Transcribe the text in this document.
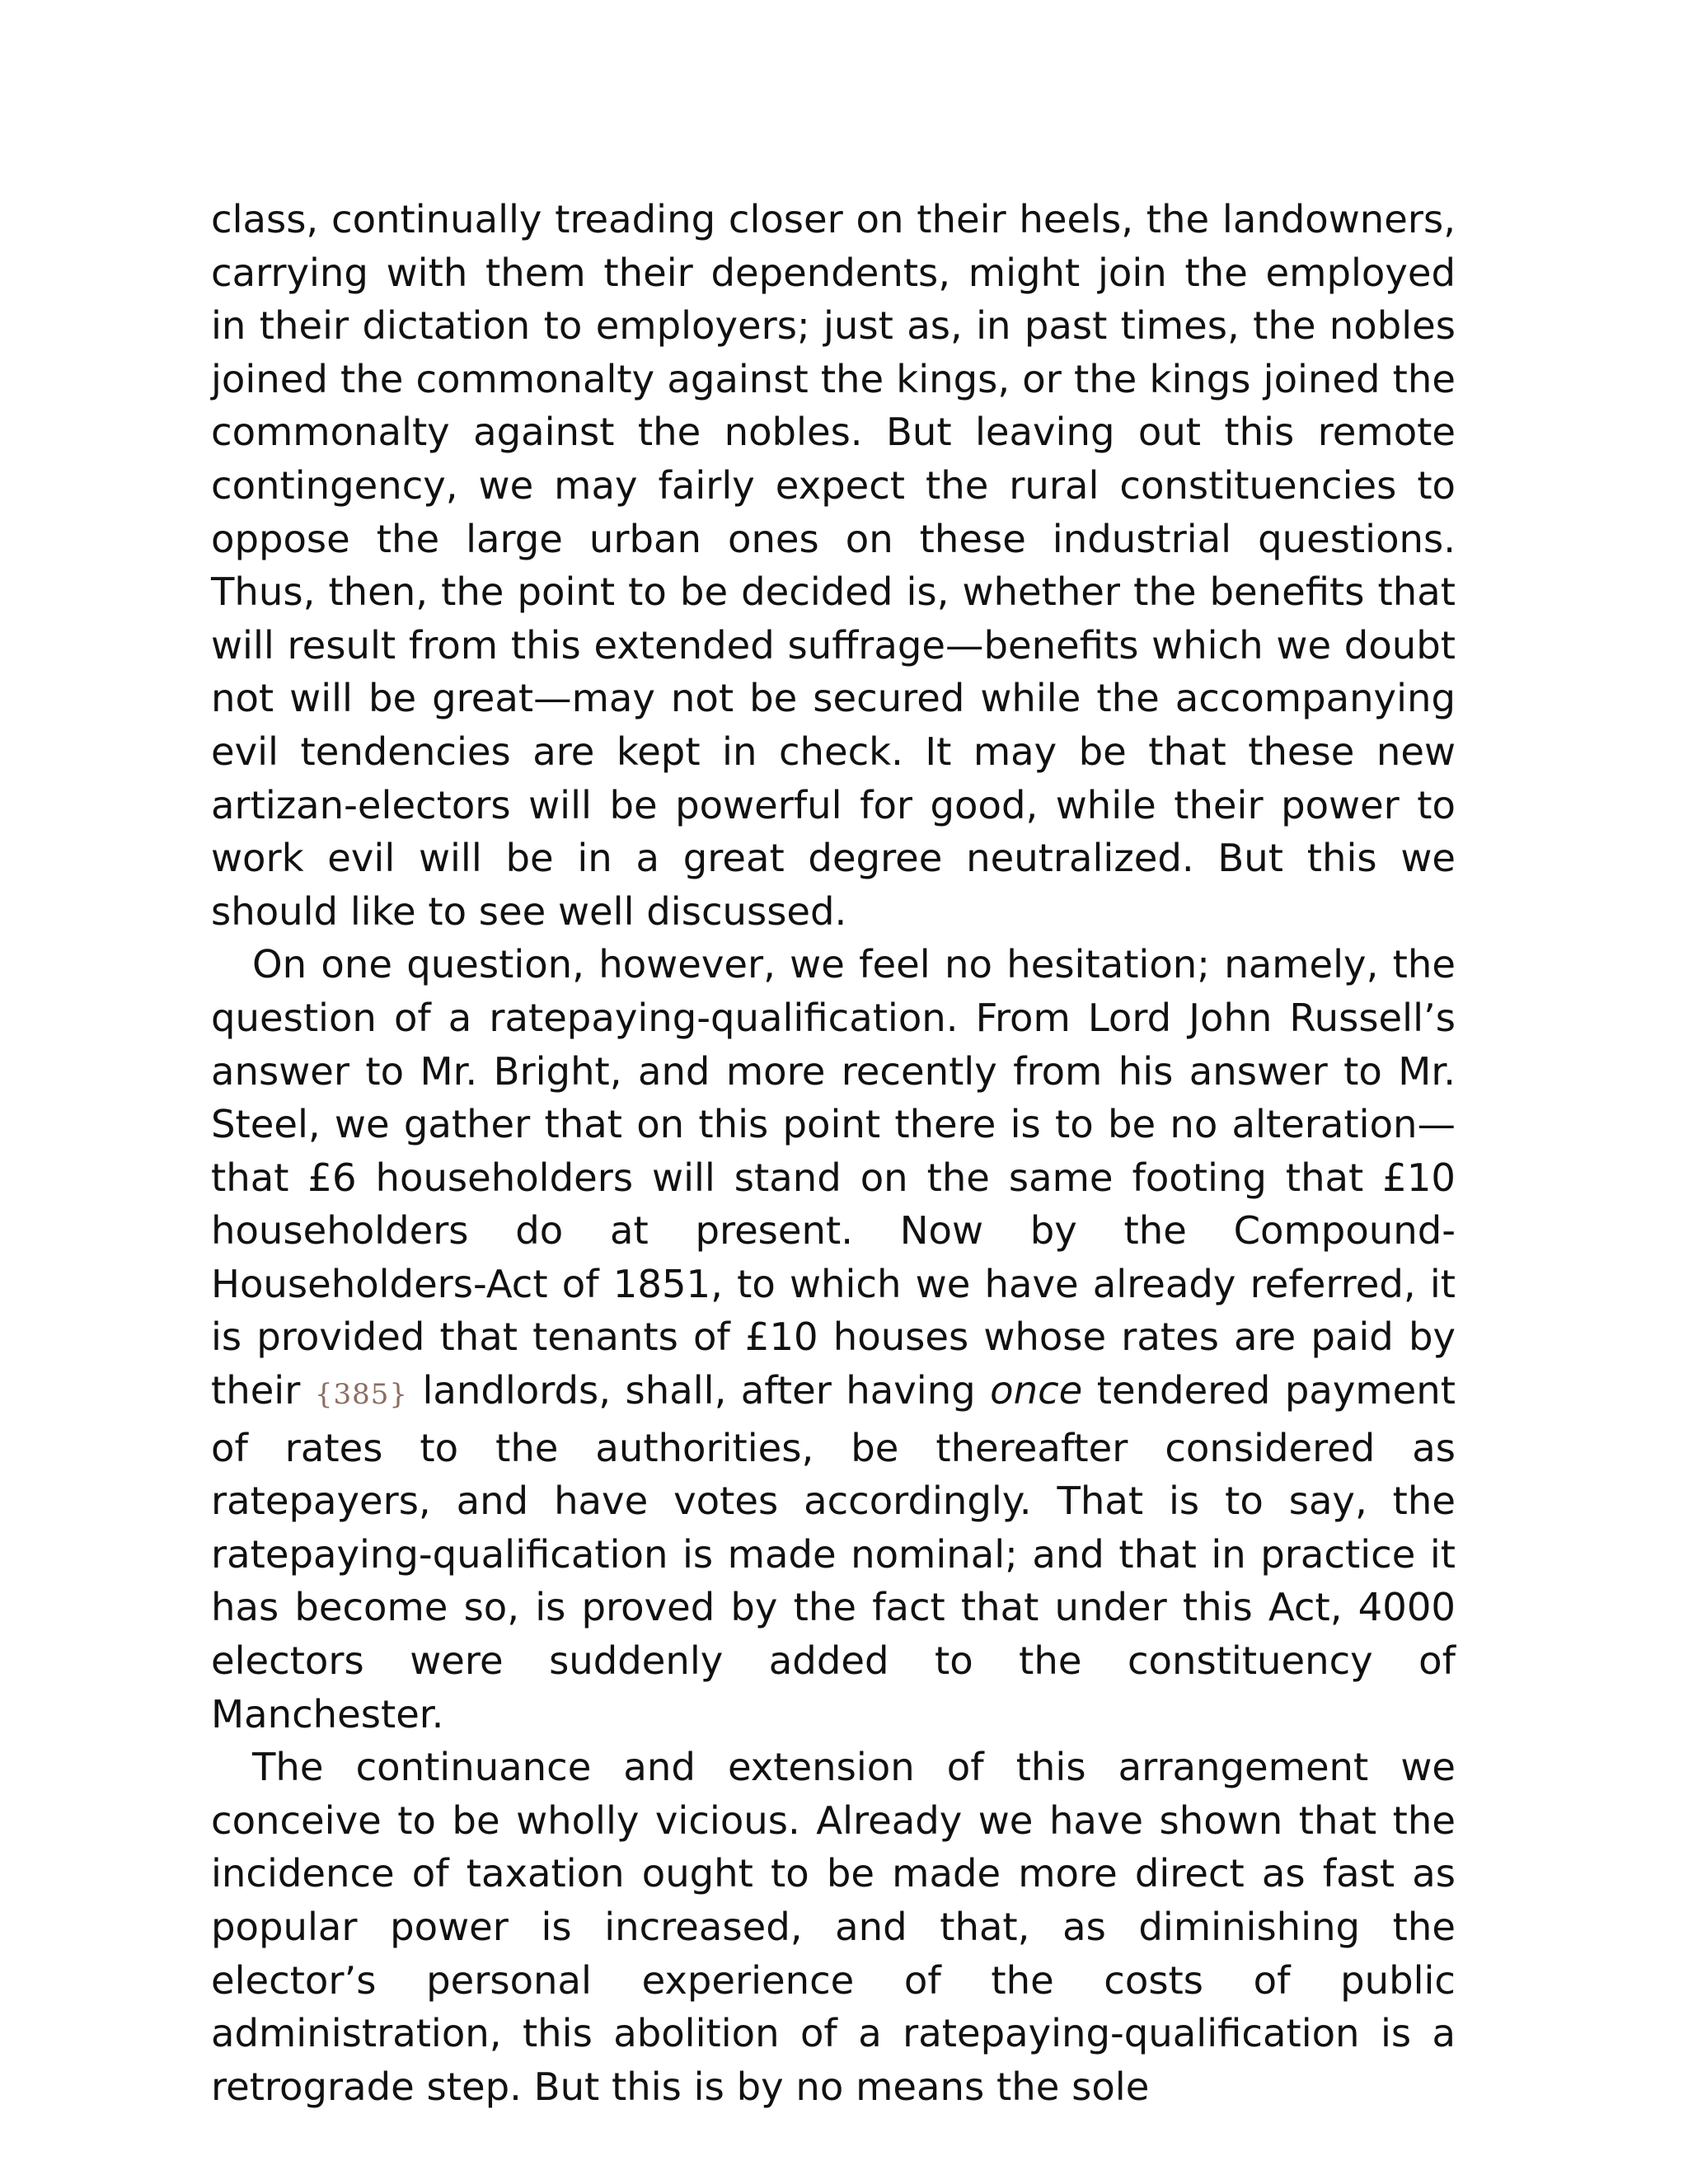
class, continually treading closer on their heels, the landowners, carrying with them their dependents, might join the employed in their dictation to employers; just as, in past times, the nobles joined the commonalty against the kings, or the kings joined the commonalty against the nobles. But leaving out this remote contingency, we may fairly expect the rural constituencies to oppose the large urban ones on these industrial questions. Thus, then, the point to be decided is, whether the benefits that will result from this extended suffrage—benefits which we doubt not will be great—may not be secured while the accompanying evil tendencies are kept in check. It may be that these new artizan-electors will be powerful for good, while their power to work evil will be in a great degree neutralized. But this we should like to see well discussed.

On one question, however, we feel no hesitation; namely, the question of a ratepaying-qualification. From Lord John Russell’s answer to Mr. Bright, and more recently from his answer to Mr. Steel, we gather that on this point there is to be no alteration—that £6 householders will stand on the same footing that £10 householders do at present. Now by the Compound-Householders-Act of 1851, to which we have already referred, it is provided that tenants of £10 houses whose rates are paid by their {385} landlords, shall, after having once tendered payment of rates to the authorities, be thereafter considered as ratepayers, and have votes accordingly. That is to say, the ratepaying-qualification is made nominal; and that in practice it has become so, is proved by the fact that under this Act, 4000 electors were suddenly added to the constituency of Manchester.

The continuance and extension of this arrangement we conceive to be wholly vicious. Already we have shown that the incidence of taxation ought to be made more direct as fast as popular power is increased, and that, as diminishing the elector’s personal experience of the costs of public administration, this abolition of a ratepaying-qualification is a retrograde step. But this is by no means the sole
